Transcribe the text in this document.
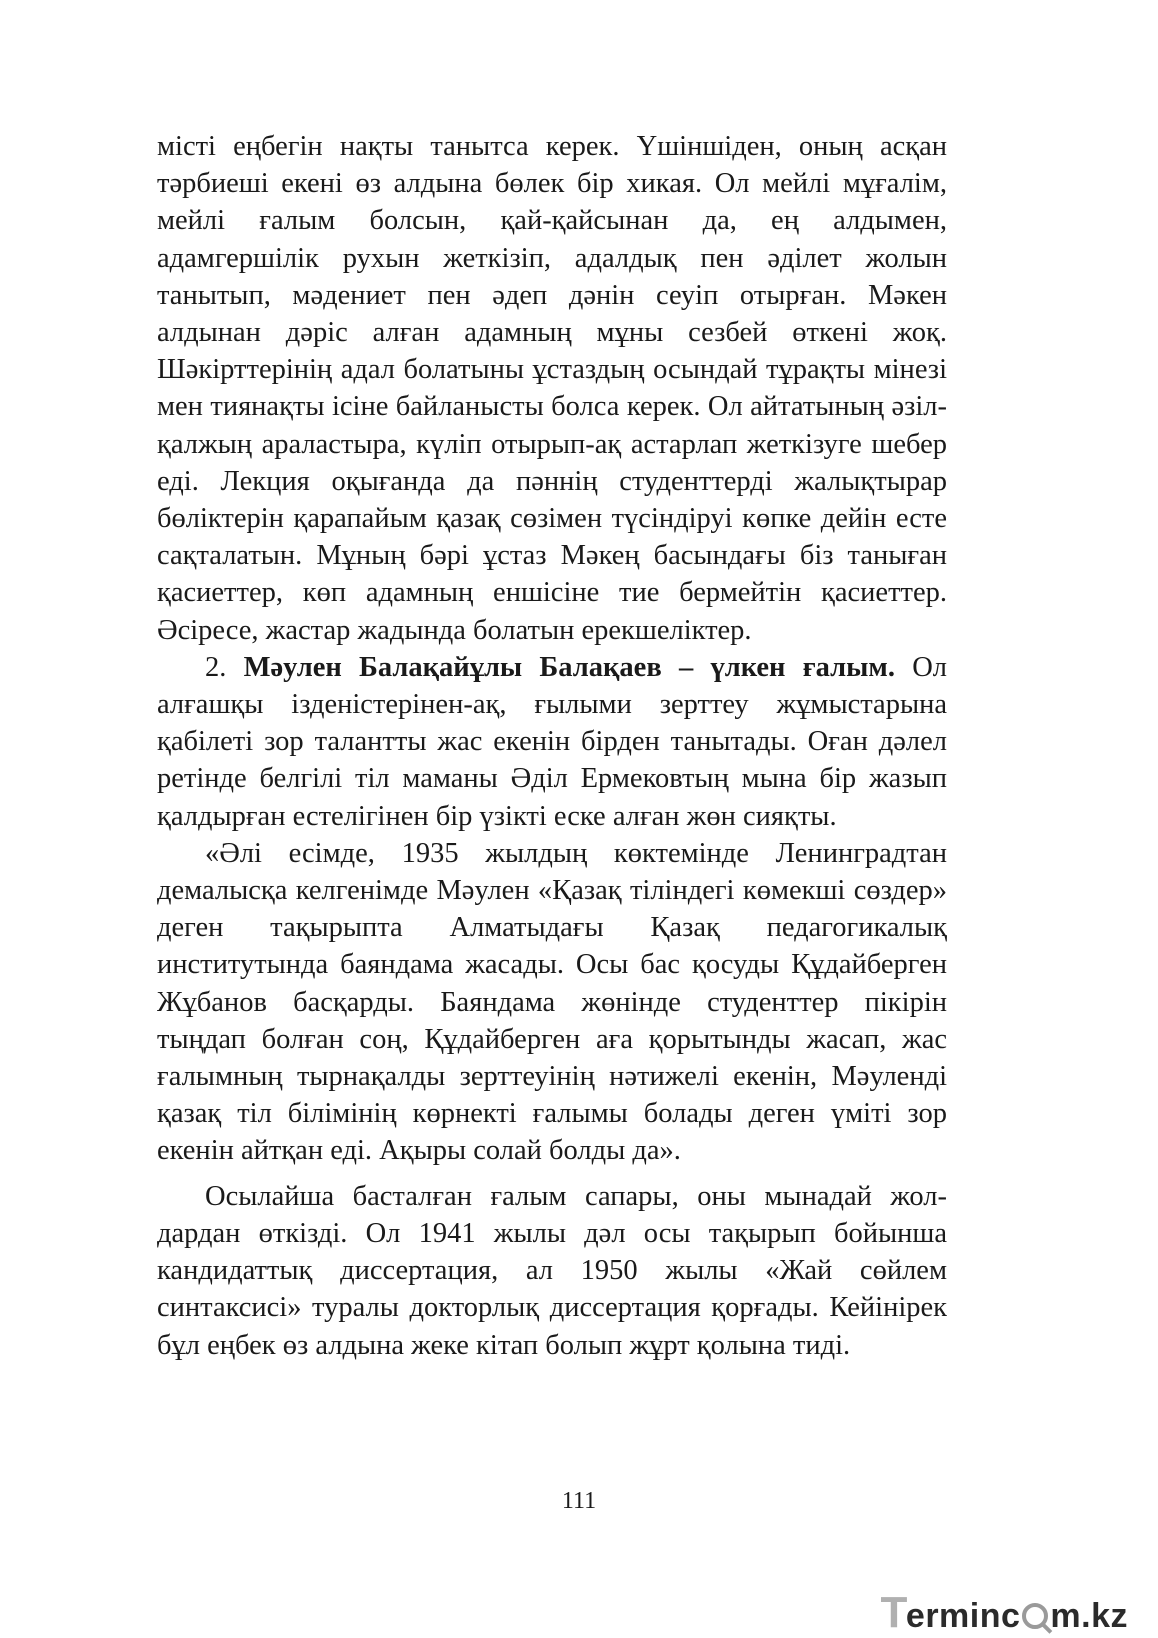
місті еңбегін нақты танытса керек. Үшіншіден, оның асқан тәрбиеші екені өз алдына бөлек бір хикая. Ол мейлі мұғалім, мейлі ғалым болсын, қай-қайсынан да, ең алдымен, адамгершілік рухын жеткізіп, адалдық пен әділет жолын танытып, мәдениет пен әдеп дәнін сеуіп отырған. Мәкен алдынан дәріс алған адамның мұны сезбей өткені жоқ. Шәкірттерінің адал болатыны ұстаздың осындай тұрақты мінезі мен тиянақты ісіне байланысты болса керек. Ол айтатының әзіл-қалжың араластыра, күліп отырып-ақ астарлап жеткізуге шебер еді. Лекция оқығанда да пәннің студенттерді жалықтырар бөліктерін қарапайым қазақ сөзімен түсіндіруі көпке дейін есте сақталатын. Мұның бәрі ұстаз Мәкең басындағы біз таныған қасиеттер, көп адамның еншісіне тие бермейтін қасиеттер. Әсіресе, жастар жадында болатын ерекшеліктер.

2. Мәулен Балақайұлы Балақаев – үлкен ғалым. Ол алғашқы ізденістерінен-ақ, ғылыми зерттеу жұмыстарына қабілеті зор талантты жас екенін бірден танытады. Оған дәлел ретінде белгілі тіл маманы Әділ Ермековтың мына бір жазып қалдырған естелігінен бір үзікті еске алған жөн сияқты.

«Әлі есімде, 1935 жылдың көктемінде Ленинградтан демалысқа келгенімде Мәулен «Қазақ тіліндегі көмекші сөздер» деген тақырыпта Алматыдағы Қазақ педагогикалық институтында баяндама жасады. Осы бас қосуды Құдайберген Жұбанов басқарды. Баяндама жөнінде студенттер пікірін тыңдап болған соң, Құдайберген аға қорытынды жасап, жас ғалымның тырнақалды зерттеуінің нәтижелі екенін, Мәуленді қазақ тіл білімінің көрнекті ғалымы болады деген үміті зор екенін айтқан еді. Ақыры солай болды да».

Осылайша басталған ғалым сапары, оны мынадай жолдардан өткізді. Ол 1941 жылы дәл осы тақырып бойынша кандидаттық диссертация, ал 1950 жылы «Жай сөйлем синтаксисі» туралы докторлық диссертация қорғады. Кейінірек бұл еңбек өз алдына жеке кітап болып жұрт қолына тиді.

111
Terminc m.kz
